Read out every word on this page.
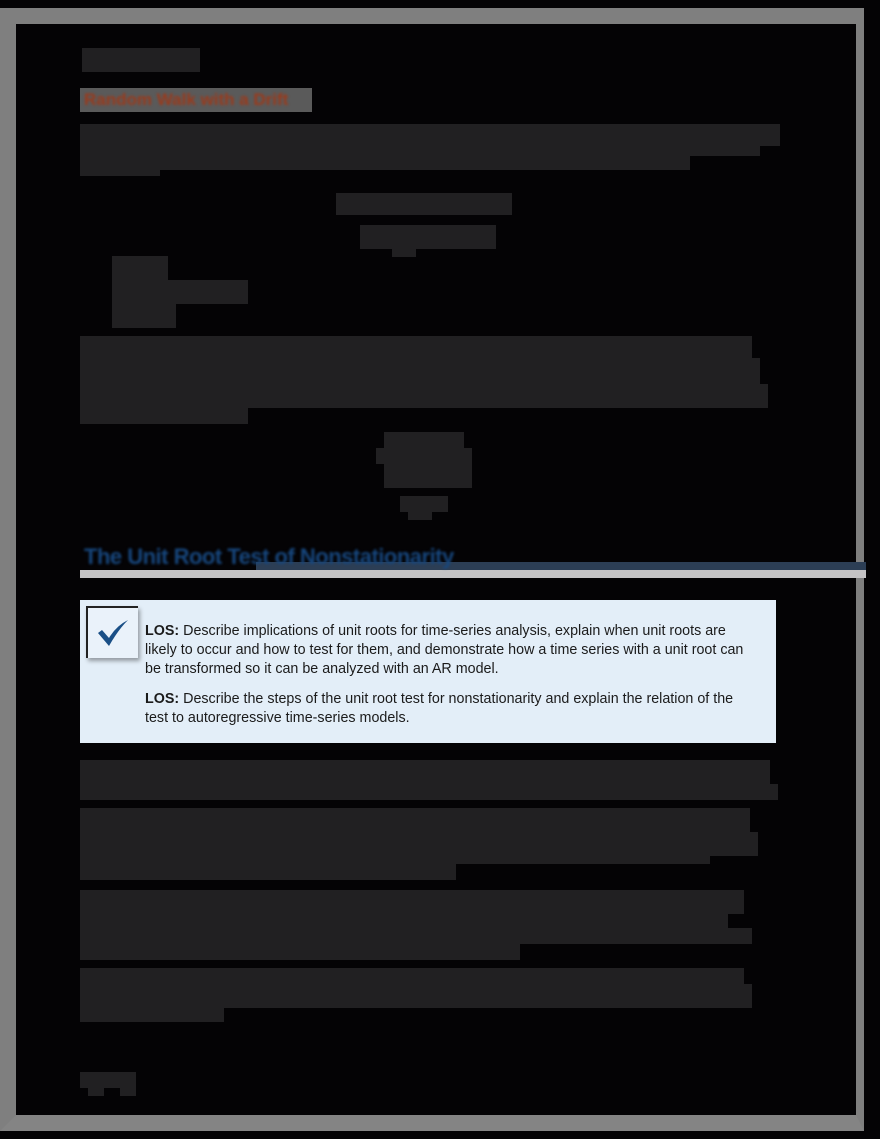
Random Walk with a Drift
The Unit Root Test of Nonstationarity

LOS: Describe implications of unit roots for time-series analysis, explain when unit roots are likely to occur and how to test for them, and demonstrate how a time series with a unit root can be transformed so it can be analyzed with an AR model.

LOS: Describe the steps of the unit root test for nonstationarity and explain the relation of the test to autoregressive time-series models.
